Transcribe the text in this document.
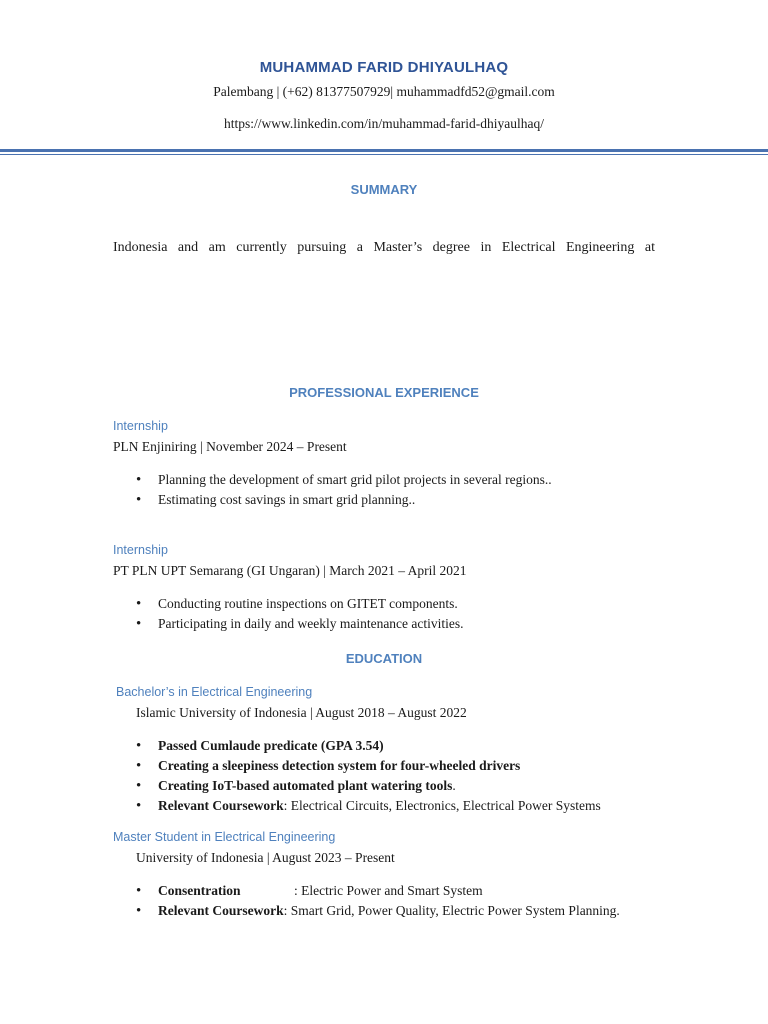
MUHAMMAD FARID DHIYAULHAQ
Palembang | (+62) 81377507929| muhammadfd52@gmail.com
https://www.linkedin.com/in/muhammad-farid-dhiyaulhaq/
SUMMARY
Indonesia and am currently pursuing a Master’s degree in Electrical Engineering at
PROFESSIONAL EXPERIENCE
Internship
PLN Enjiniring | November 2024 – Present
• Planning the development of smart grid pilot projects in several regions..
• Estimating cost savings in smart grid planning..
Internship
PT PLN UPT Semarang (GI Ungaran) | March 2021 – April 2021
• Conducting routine inspections on GITET components.
• Participating in daily and weekly maintenance activities.
EDUCATION
Bachelor’s in Electrical Engineering
Islamic University of Indonesia | August 2018 – August 2022
• Passed Cumlaude predicate (GPA 3.54)
• Creating a sleepiness detection system for four-wheeled drivers
• Creating IoT-based automated plant watering tools.
• Relevant Coursework: Electrical Circuits, Electronics, Electrical Power Systems
Master Student in Electrical Engineering
University of Indonesia | August 2023 – Present
• Consentration	: Electric Power and Smart System
• Relevant Coursework: Smart Grid, Power Quality, Electric Power System Planning.
